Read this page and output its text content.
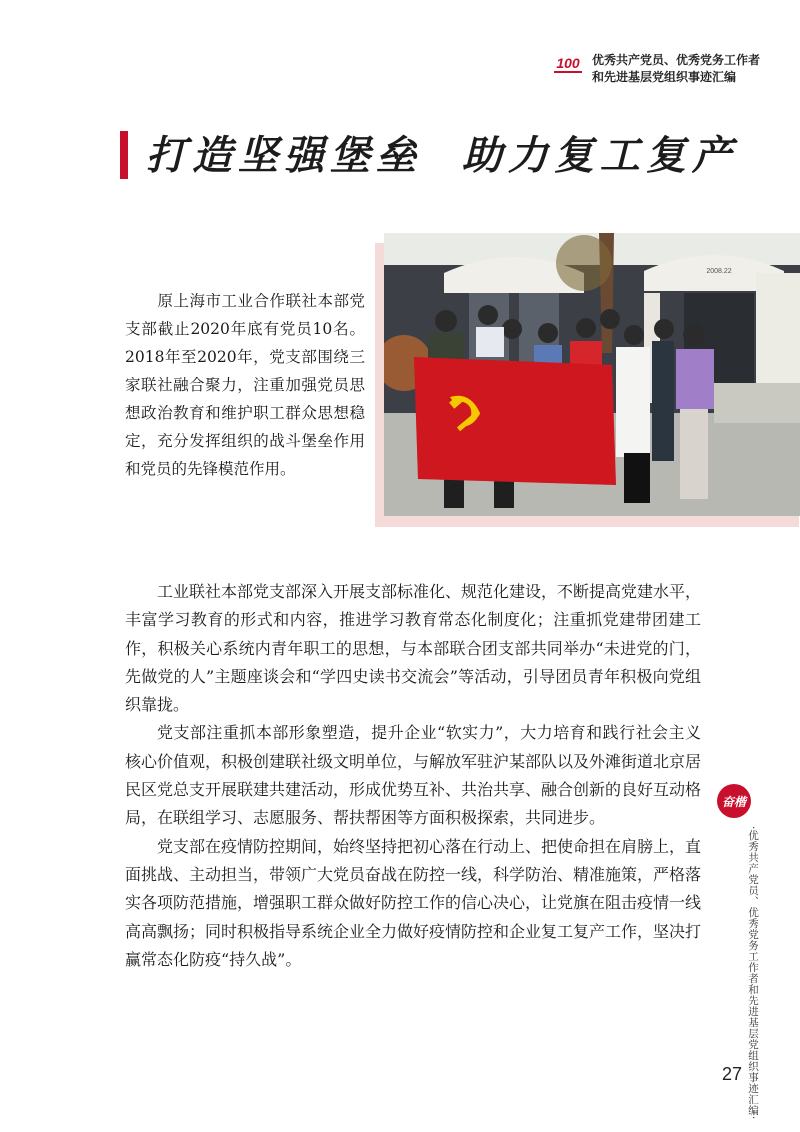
100 优秀共产党员、优秀党务工作者
和先进基层党组织事迹汇编
打造坚强堡垒  助力复工复产
原上海市工业合作联社本部党支部截止2020年底有党员10名。2018年至2020年，党支部围绕三家联社融合聚力，注重加强党员思想政治教育和维护职工群众思想稳定，充分发挥组织的战斗堡垒作用和党员的先锋模范作用。
2008.22

工业联社本部党支部深入开展支部标准化、规范化建设，不断提高党建水平，丰富学习教育的形式和内容，推进学习教育常态化制度化；注重抓党建带团建工作，积极关心系统内青年职工的思想，与本部联合团支部共同举办“未进党的门，先做党的人”主题座谈会和“学四史读书交流会”等活动，引导团员青年积极向党组织靠拢。

党支部注重抓本部形象塑造，提升企业“软实力”，大力培育和践行社会主义核心价值观，积极创建联社级文明单位，与解放军驻沪某部队以及外滩街道北京居民区党总支开展联建共建活动，形成优势互补、共治共享、融合创新的良好互动格局，在联组学习、志愿服务、帮扶帮困等方面积极探索，共同进步。

党支部在疫情防控期间，始终坚持把初心落在行动上、把使命担在肩膀上，直面挑战、主动担当，带领广大党员奋战在防控一线，科学防治、精准施策，严格落实各项防范措施，增强职工群众做好防控工作的信心决心，让党旗在阻击疫情一线高高飘扬；同时积极指导系统企业全力做好疫情防控和企业复工复产工作，坚决打赢常态化防疫“持久战”。

奋楷
·优秀共产党员、优秀党务工作者和先进基层党组织事迹汇编·
27
